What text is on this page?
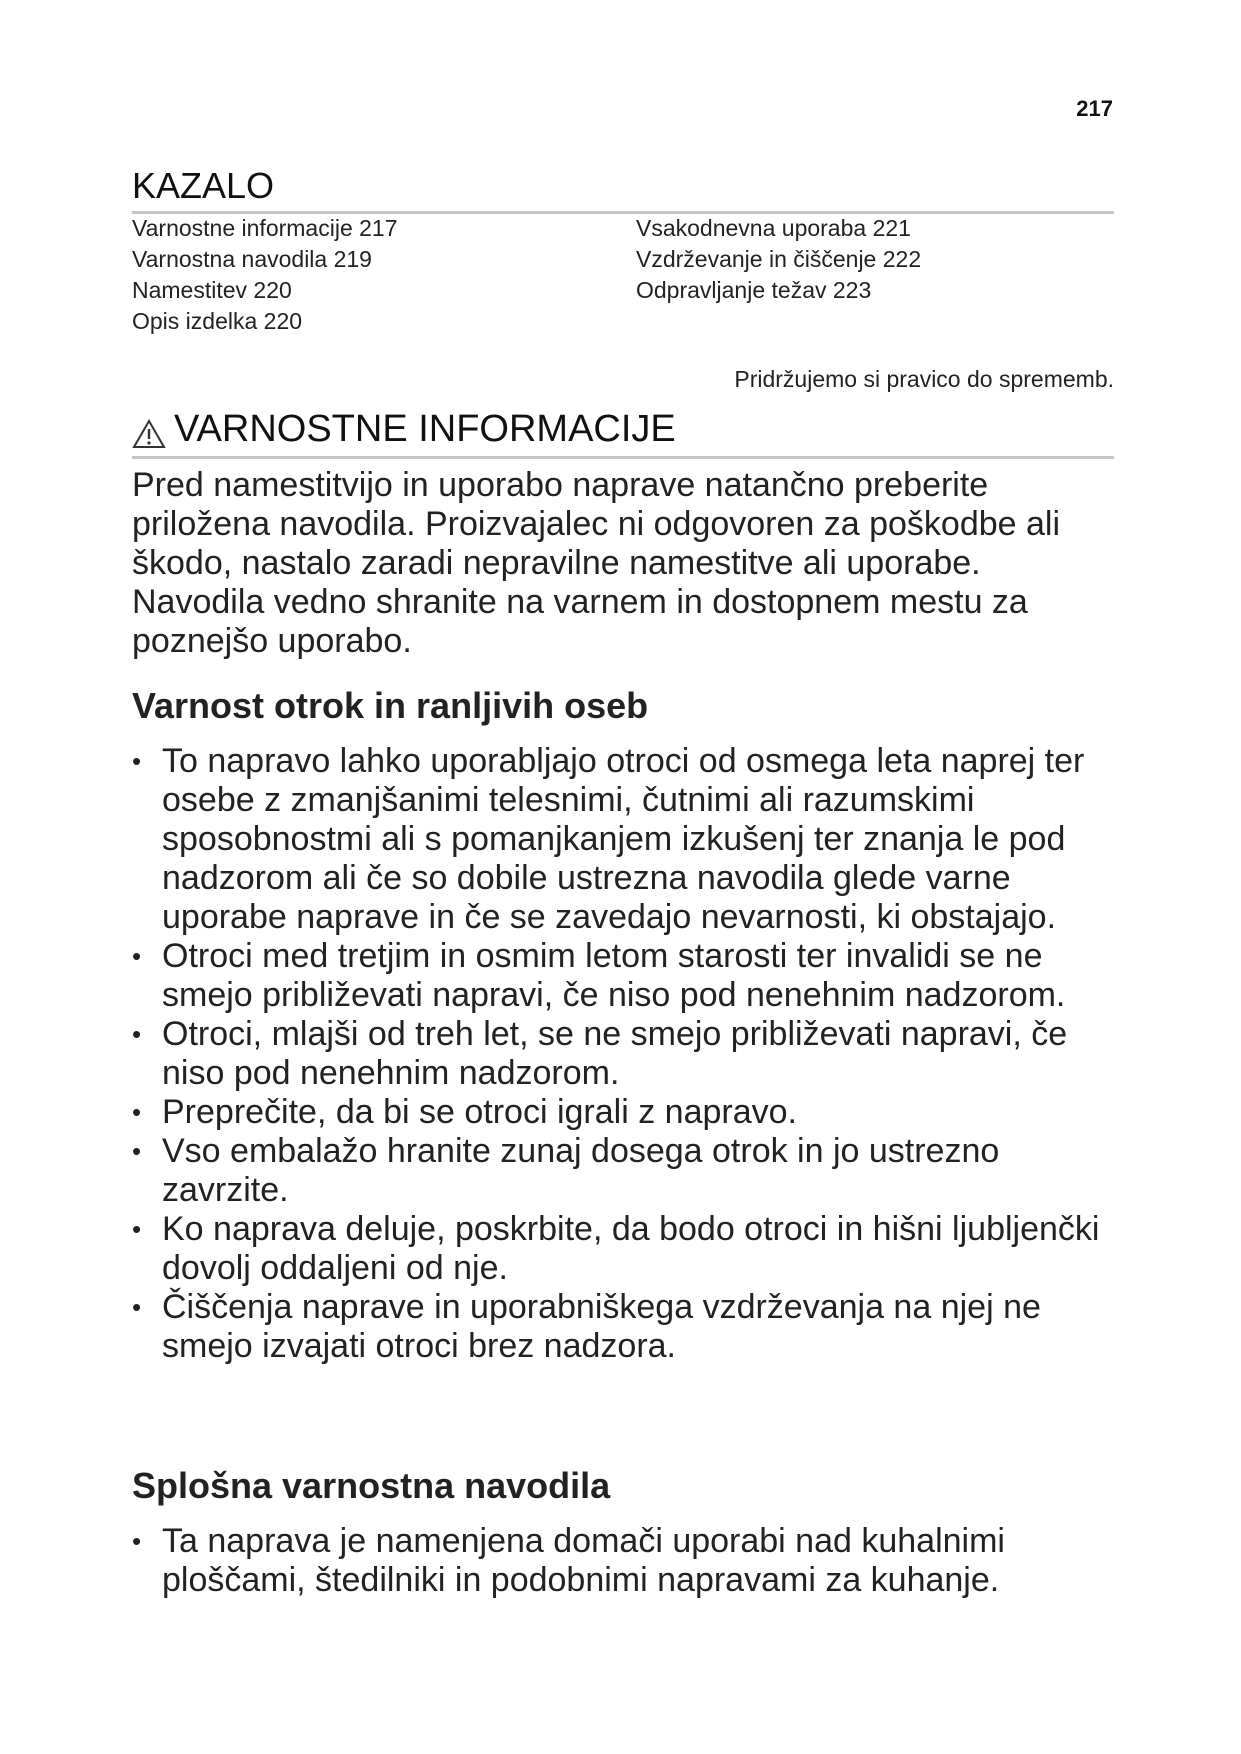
217
KAZALO
Varnostne informacije 217
Varnostna navodila 219
Namestitev 220
Opis izdelka 220
Vsakodnevna uporaba 221
Vzdrževanje in čiščenje 222
Odpravljanje težav 223
Pridržujemo si pravico do sprememb.
VARNOSTNE INFORMACIJE

Pred namestitvijo in uporabo naprave natančno preberite priložena navodila. Proizvajalec ni odgovoren za poškodbe ali škodo, nastalo zaradi nepravilne namestitve ali uporabe. Navodila vedno shranite na varnem in dostopnem mestu za poznejšo uporabo.

Varnost otrok in ranljivih oseb
• To napravo lahko uporabljajo otroci od osmega leta naprej ter osebe z zmanjšanimi telesnimi, čutnimi ali razumskimi sposobnostmi ali s pomanjkanjem izkušenj ter znanja le pod nadzorom ali če so dobile ustrezna navodila glede varne uporabe naprave in če se zavedajo nevarnosti, ki obstajajo.
• Otroci med tretjim in osmim letom starosti ter invalidi se ne smejo približevati napravi, če niso pod nenehnim nadzorom.
• Otroci, mlajši od treh let, se ne smejo približevati napravi, če niso pod nenehnim nadzorom.
• Preprečite, da bi se otroci igrali z napravo.
• Vso embalažo hranite zunaj dosega otrok in jo ustrezno zavrzite.
• Ko naprava deluje, poskrbite, da bodo otroci in hišni ljubljenčki dovolj oddaljeni od nje.
• Čiščenja naprave in uporabniškega vzdrževanja na njej ne smejo izvajati otroci brez nadzora.
Splošna varnostna navodila
• Ta naprava je namenjena domači uporabi nad kuhalnimi ploščami, štedilniki in podobnimi napravami za kuhanje.
